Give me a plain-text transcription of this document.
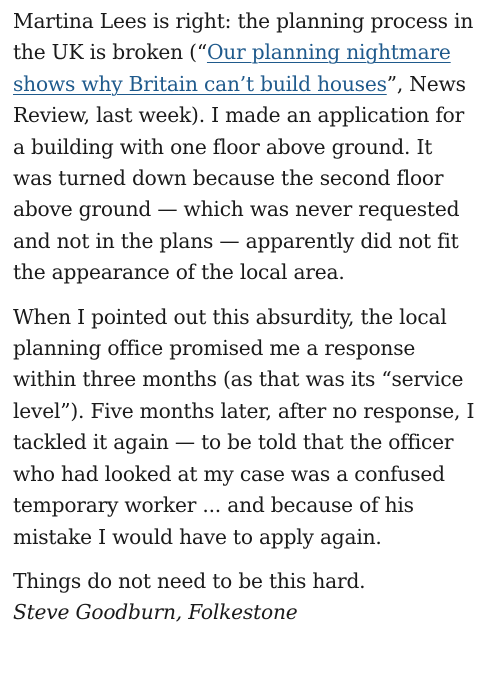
Martina Lees is right: the planning process in
the UK is broken (“Our planning nightmare
shows why Britain can’t build houses”, News
Review, last week). I made an application for
a building with one floor above ground. It
was turned down because the second floor
above ground — which was never requested
and not in the plans — apparently did not fit
the appearance of the local area.
When I pointed out this absurdity, the local
planning office promised me a response
within three months (as that was its “service
level”). Five months later, after no response, I
tackled it again — to be told that the officer
who had looked at my case was a confused
temporary worker ... and because of his
mistake I would have to apply again.
Things do not need to be this hard.
Steve Goodburn, Folkestone
